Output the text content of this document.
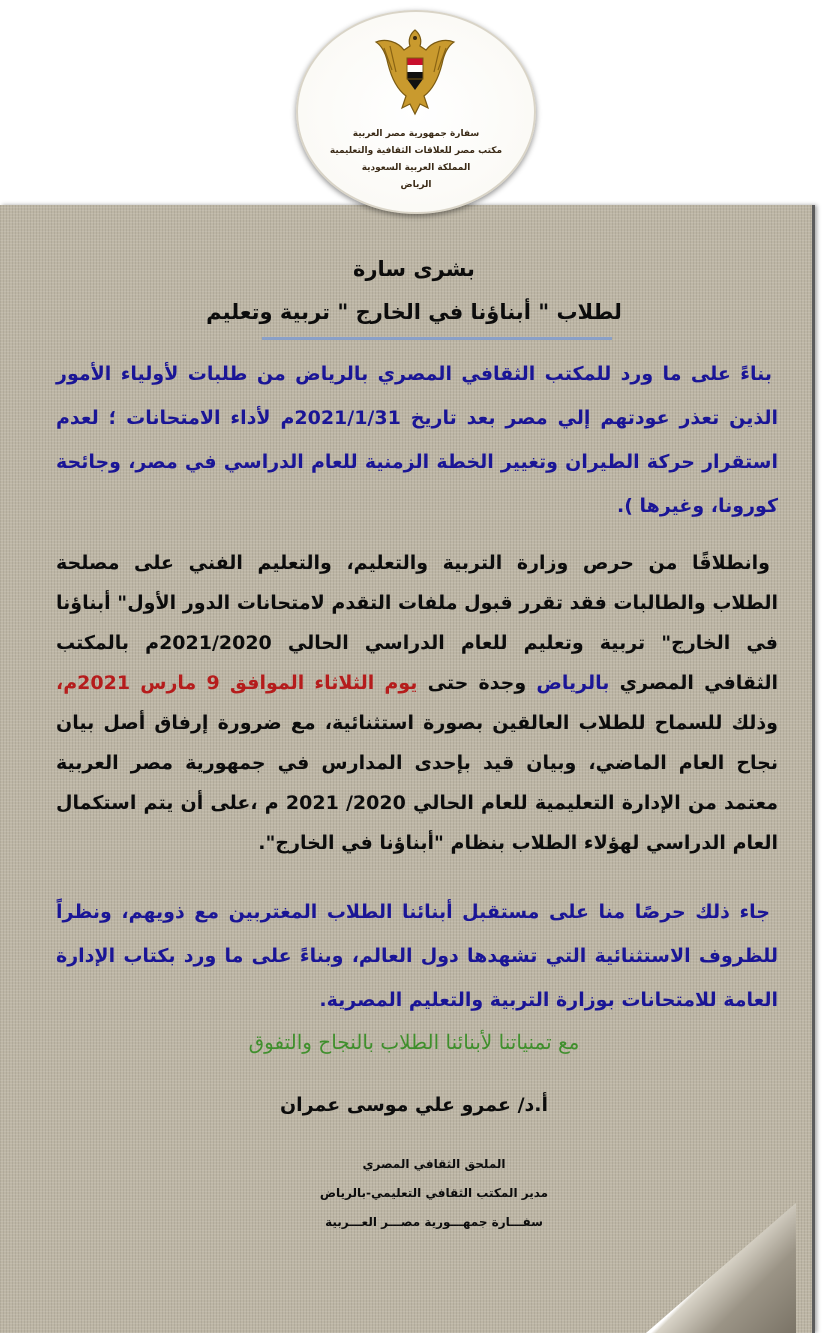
سفارة جمهورية مصر العربية
مكتب مصر للعلاقات الثقافية والتعليمية
المملكة العربية السعودية
الرياض
بشرى سارة
لطلاب " أبناؤنا في الخارج " تربية وتعليم
بناءً على ما ورد للمكتب الثقافي المصري بالرياض من طلبات لأولياء الأمور الذين تعذر عودتهم إلي مصر بعد تاريخ 2021/1/31م لأداء الامتحانات ؛ لعدم استقرار حركة الطيران وتغيير الخطة الزمنية للعام الدراسي في مصر، وجائحة كورونا، وغيرها ).
وانطلاقًا من حرص وزارة التربية والتعليم، والتعليم الفني على مصلحة الطلاب والطالبات فقد تقرر قبول ملفات التقدم لامتحانات الدور الأول" أبناؤنا في الخارج" تربية وتعليم للعام الدراسي الحالي 2021/2020م بالمكتب الثقافي المصري بالرياض وجدة حتى يوم الثلاثاء الموافق 9 مارس 2021م، وذلك للسماح للطلاب العالقين بصورة استثنائية، مع ضرورة إرفاق أصل بيان نجاح العام الماضي، وبيان قيد بإحدى المدارس في جمهورية مصر العربية معتمد من الإدارة التعليمية للعام الحالي 2020/ 2021 م ،على أن يتم استكمال العام الدراسي لهؤلاء الطلاب بنظام "أبناؤنا في الخارج".
جاء ذلك حرصًا منا على مستقبل أبنائنا الطلاب المغتربين مع ذويهم، ونظراً للظروف الاستثنائية التي تشهدها دول العالم، وبناءً على ما ورد بكتاب الإدارة العامة للامتحانات بوزارة التربية والتعليم المصرية.
مع تمنياتنا لأبنائنا الطلاب بالنجاح والتفوق
أ.د/ عمرو علي موسى عمران
الملحق الثقافي المصري
مدير المكتب الثقافي التعليمي-بالرياض
سفـــارة جمهـــورية مصـــر العـــربية
